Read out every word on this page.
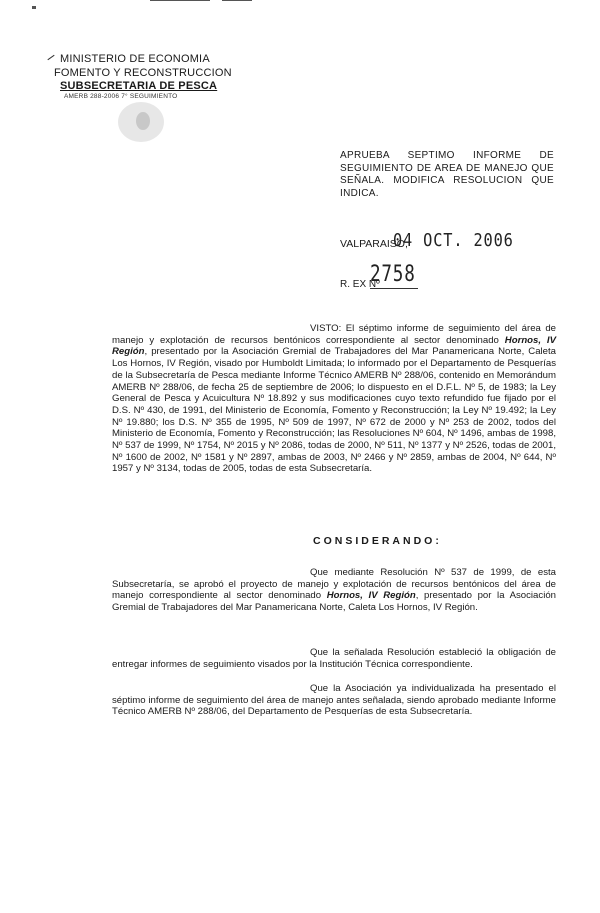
MINISTERIO DE ECONOMIA
FOMENTO Y RECONSTRUCCION
SUBSECRETARIA DE PESCA
AMERB 288-2006 7° SEGUIMIENTO
APRUEBA SEPTIMO INFORME DE SEGUIMIENTO DE AREA DE MANEJO QUE SEÑALA. MODIFICA RESOLUCION QUE INDICA.
VALPARAISO,
04 OCT. 2006
R. EX Nº
2758
VISTO: El séptimo informe de seguimiento del área de manejo y explotación de recursos bentónicos correspondiente al sector denominado Hornos, IV Región, presentado por la Asociación Gremial de Trabajadores del Mar Panamericana Norte, Caleta Los Hornos, IV Región, visado por Humboldt Limitada; lo informado por el Departamento de Pesquerías de la Subsecretaría de Pesca mediante Informe Técnico AMERB Nº 288/06, contenido en Memorándum AMERB Nº 288/06, de fecha 25 de septiembre de 2006; lo dispuesto en el D.F.L. Nº 5, de 1983; la Ley General de Pesca y Acuicultura Nº 18.892 y sus modificaciones cuyo texto refundido fue fijado por el D.S. Nº 430, de 1991, del Ministerio de Economía, Fomento y Reconstrucción; la Ley Nº 19.492; la Ley Nº 19.880; los D.S. Nº 355 de 1995, Nº 509 de 1997, Nº 672 de 2000 y Nº 253 de 2002, todos del Ministerio de Economía, Fomento y Reconstrucción; las Resoluciones Nº 604, Nº 1496, ambas de 1998, Nº 537 de 1999, Nº 1754, Nº 2015 y Nº 2086, todas de 2000, Nº 511, Nº 1377 y Nº 2526, todas de 2001, Nº 1600 de 2002, Nº 1581 y Nº 2897, ambas de 2003, Nº 2466 y Nº 2859, ambas de 2004, Nº 644, Nº 1957 y Nº 3134, todas de 2005, todas de esta Subsecretaría.
CONSIDERANDO:
Que mediante Resolución Nº 537 de 1999, de esta Subsecretaría, se aprobó el proyecto de manejo y explotación de recursos bentónicos del área de manejo correspondiente al sector denominado Hornos, IV Región, presentado por la Asociación Gremial de Trabajadores del Mar Panamericana Norte, Caleta Los Hornos, IV Región.
Que la señalada Resolución estableció la obligación de entregar informes de seguimiento visados por la Institución Técnica correspondiente.
Que la Asociación ya individualizada ha presentado el séptimo informe de seguimiento del área de manejo antes señalada, siendo aprobado mediante Informe Técnico AMERB Nº 288/06, del Departamento de Pesquerías de esta Subsecretaría.
